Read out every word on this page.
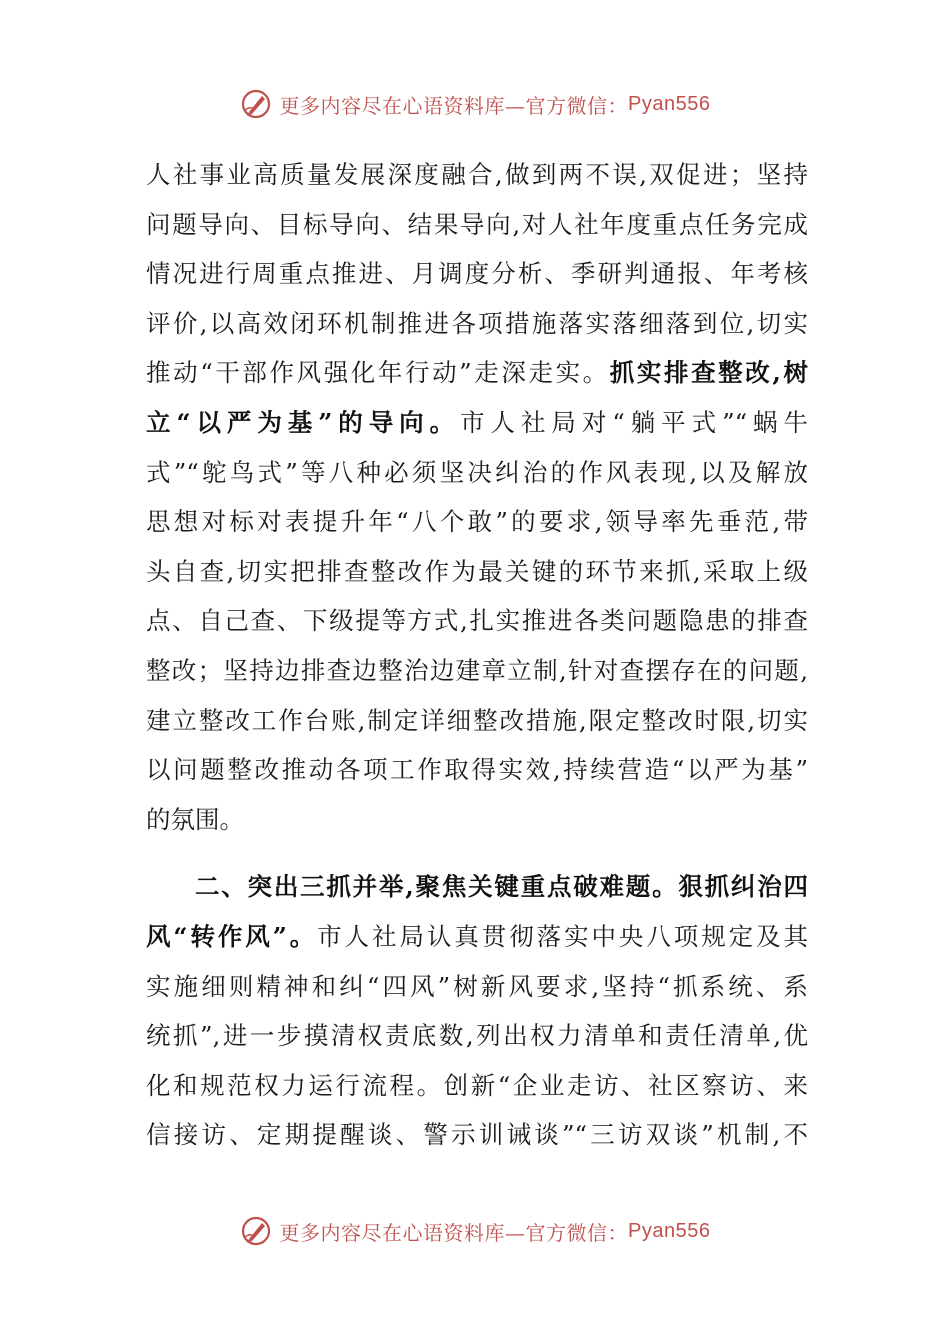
更多内容尽在心语资料库—官方微信： Pyan556
人社事业高质量发展深度融合,做到两不误,双促进；坚持
问题导向、目标导向、结果导向,对人社年度重点任务完成
情况进行周重点推进、月调度分析、季研判通报、年考核
评价,以高效闭环机制推进各项措施落实落细落到位,切实
推动“干部作风强化年行动”走深走实。抓实排查整改,树
立“以严为基”的导向。市人社局对“躺平式”“蜗牛
式”“鸵鸟式”等八种必须坚决纠治的作风表现,以及解放
思想对标对表提升年“八个敢”的要求,领导率先垂范,带
头自查,切实把排查整改作为最关键的环节来抓,采取上级
点、自己查、下级提等方式,扎实推进各类问题隐患的排查
整改；坚持边排查边整治边建章立制,针对查摆存在的问题,
建立整改工作台账,制定详细整改措施,限定整改时限,切实
以问题整改推动各项工作取得实效,持续营造“以严为基”
的氛围。
二、突出三抓并举,聚焦关键重点破难题。狠抓纠治四
风“转作风”。市人社局认真贯彻落实中央八项规定及其
实施细则精神和纠“四风”树新风要求,坚持“抓系统、系
统抓”,进一步摸清权责底数,列出权力清单和责任清单,优
化和规范权力运行流程。创新“企业走访、社区察访、来
信接访、定期提醒谈、警示训诫谈”“三访双谈”机制,不
更多内容尽在心语资料库—官方微信： Pyan556
